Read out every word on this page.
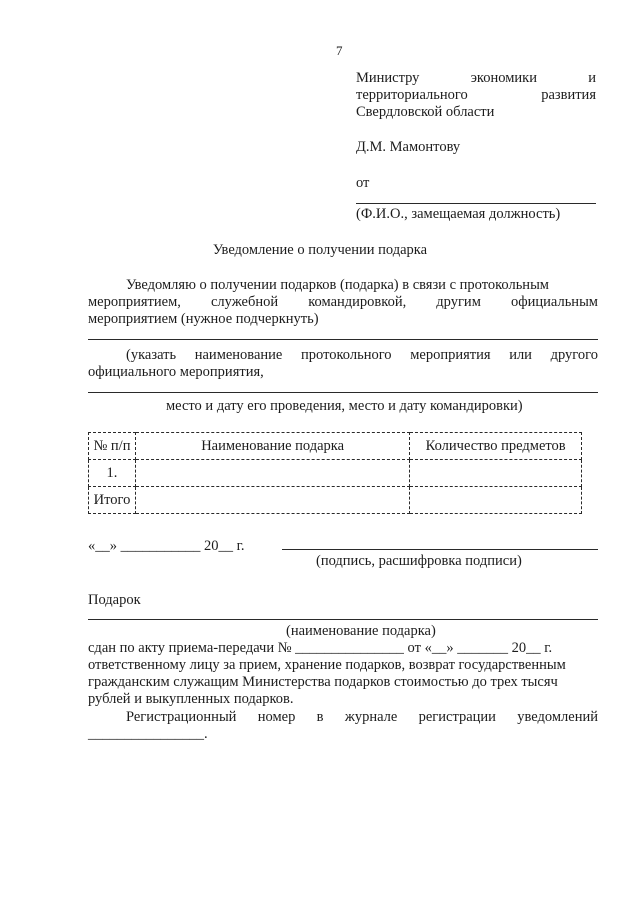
7

Министру	экономики	и
территориального	развития

Свердловской области

Д.М. Мамонтову

от

(Ф.И.О., замещаемая должность)

Уведомление о получении подарка

Уведомляю о получении подарков (подарка) в связи с протокольным

мероприятием, служебной командировкой, другим официальным

мероприятием (нужное подчеркнуть)

(указать наименование протокольного мероприятия или другого

официального мероприятия,

место и дату его проведения, место и дату командировки)

№ п/п	Наименование подарка	Количество предметов
1.		
Итого		

«__» ___________ 20__ г.

(подпись, расшифровка подписи)

Подарок

(наименование подарка)

сдан по акту приема-передачи № _______________ от «__» _______ 20__ г.

ответственному лицу за прием, хранение подарков, возврат государственным

гражданским служащим Министерства подарков стоимостью до трех тысяч

рублей и выкупленных подарков.

Регистрационный номер в журнале регистрации уведомлений

________________.
